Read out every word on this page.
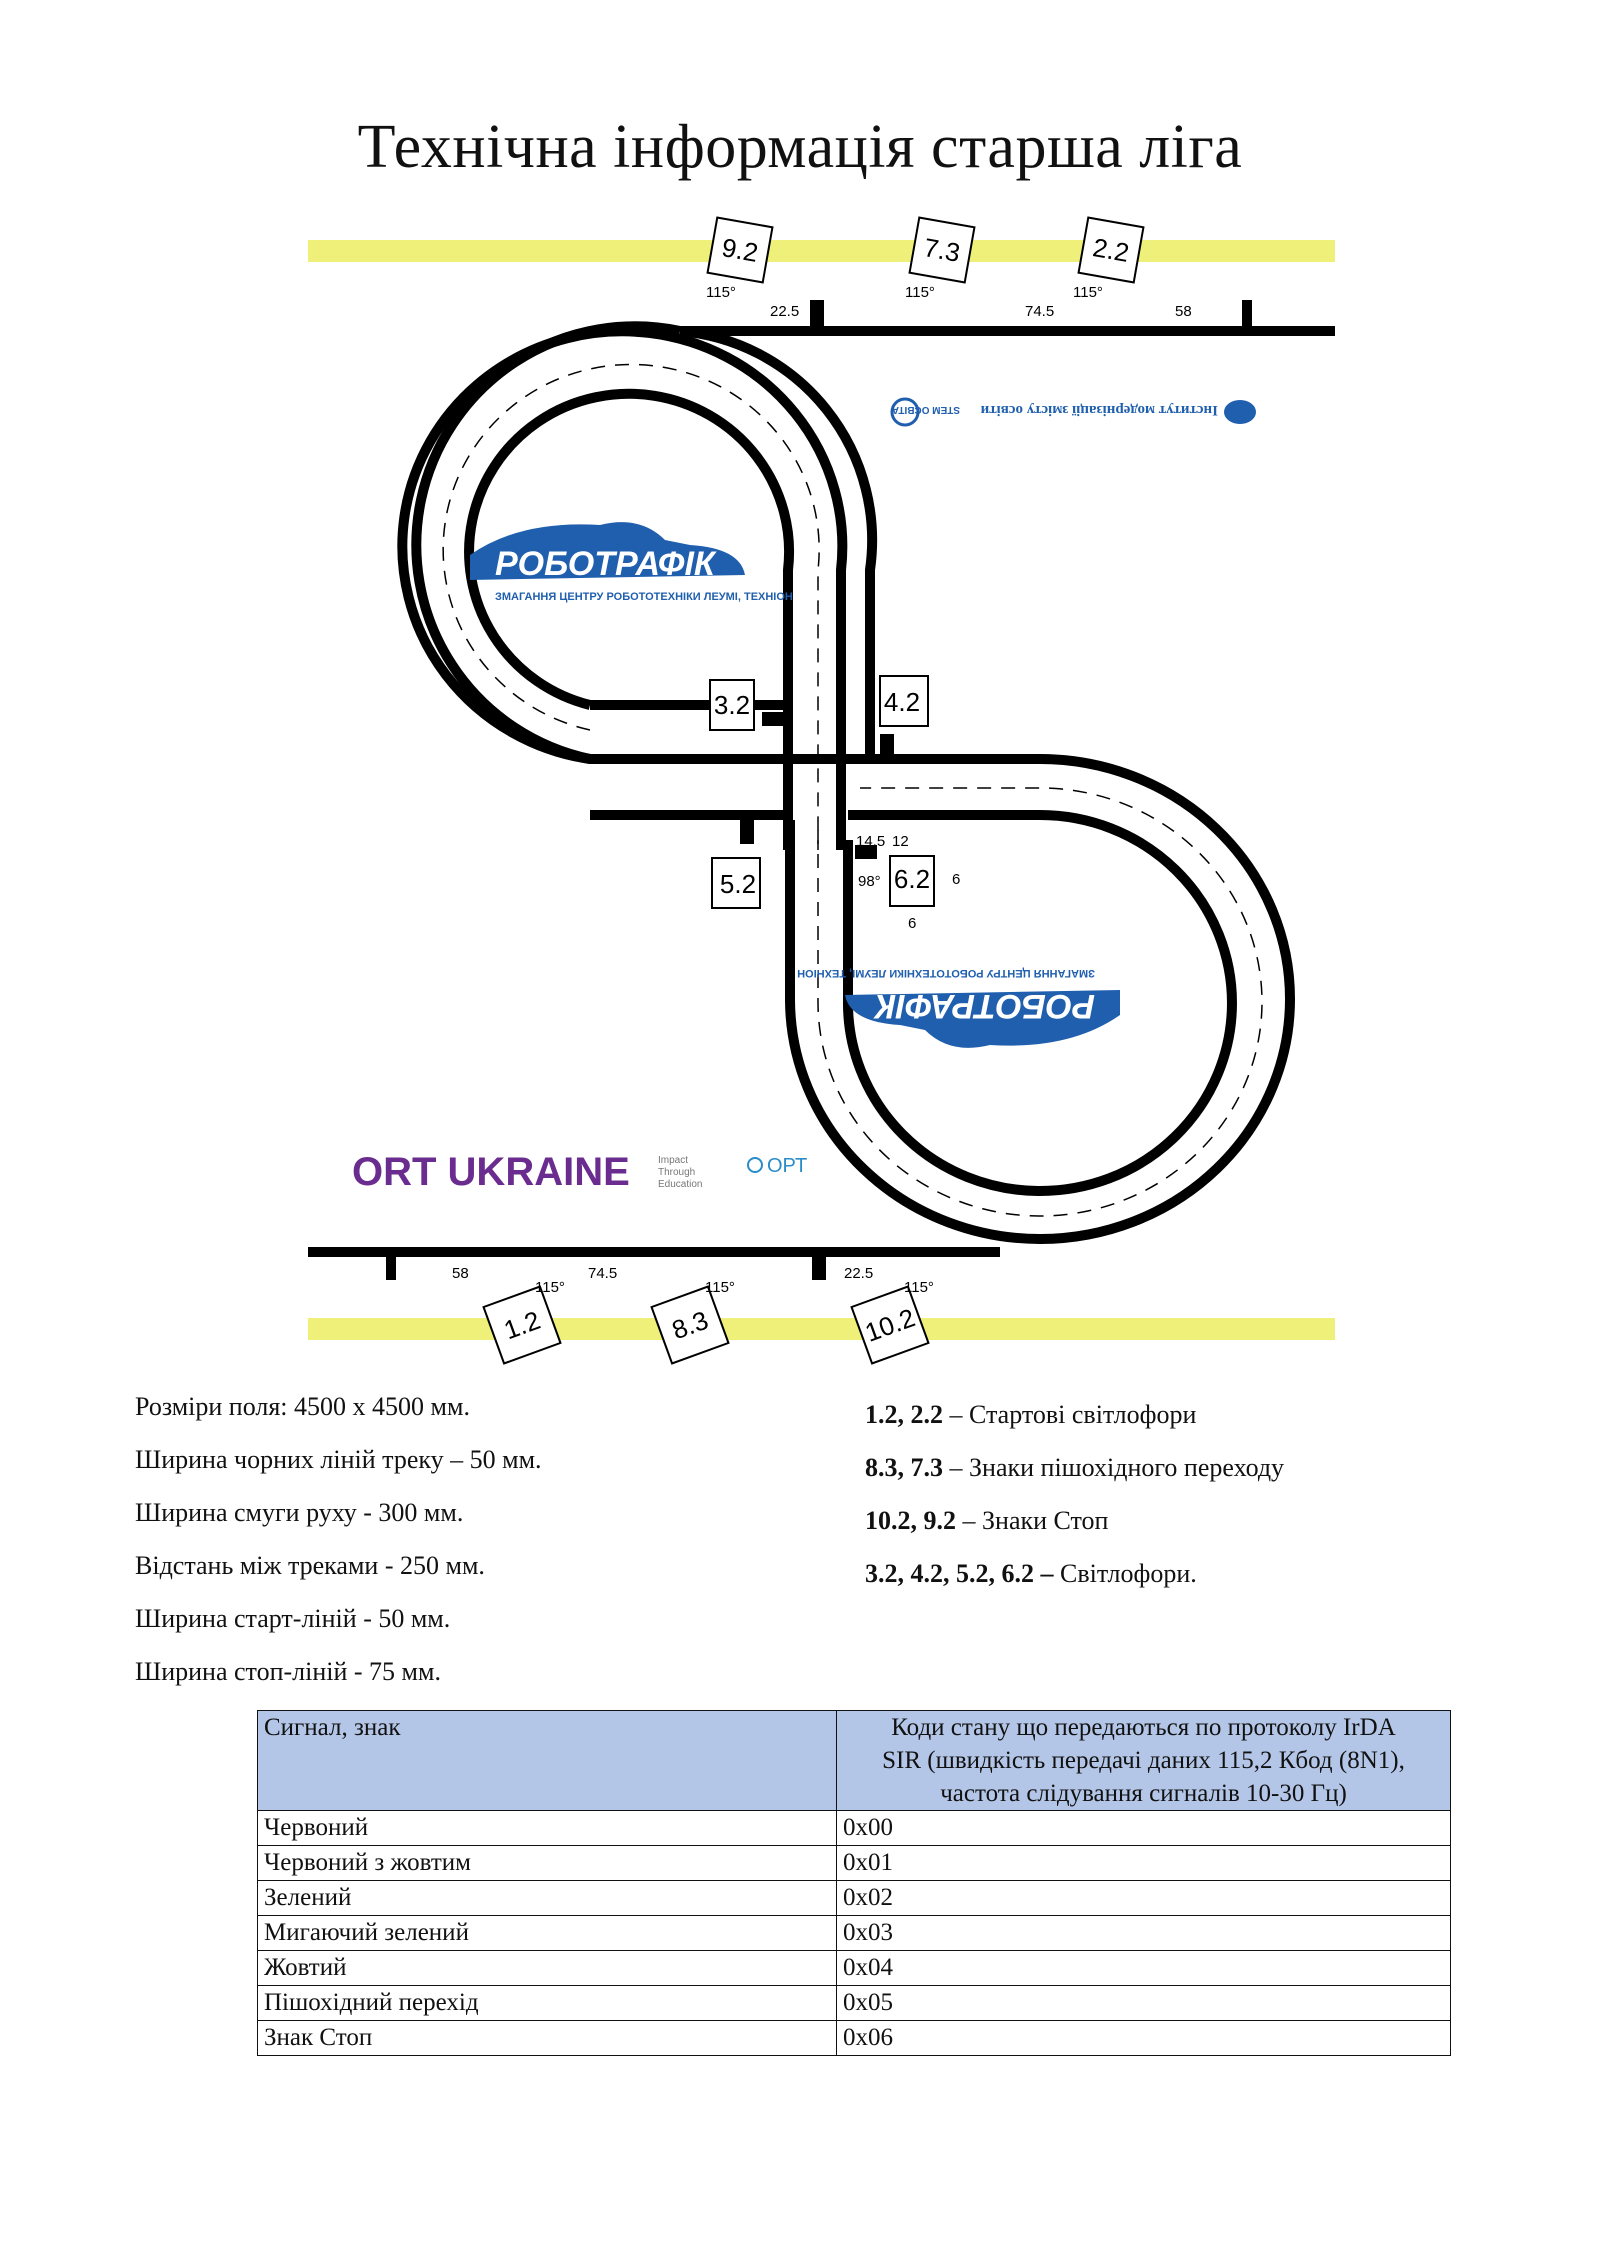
Технічна інформація старша ліга
9.2	7.3	2.2
1.2	8.3	10.2
3.2	4.2
5.2	6.2
115°
22.5
115°
74.5
115°
58
58	74.5
115°	115°
22.5
115°
14.5 12
98°	6
6
РОБОТРАФІК
ЗМАГАННЯ ЦЕНТРУ РОБОТОТЕХНІКИ ЛЕУМІ, ТЕХНІОН
РОБОТРАФІК
ЗМАГАННЯ ЦЕНТРУ РОБОТОТЕХНІКИ ЛЕУМІ, ТЕХНІОН
ORT UKRAINE	Impact
Through
Education
ОРТ
Інститут модернізації змісту освіти
STEM ОСВІТА
Розміри поля: 4500 х 4500 мм.
Ширина чорних ліній треку – 50 мм.
Ширина смуги руху - 300 мм.
Відстань між треками - 250 мм.
Ширина старт-ліній - 50 мм.
Ширина стоп-ліній - 75 мм.
1.2, 2.2 – Стартові світлофори
8.3, 7.3 – Знаки пішохідного переходу
10.2, 9.2 – Знаки Стоп
3.2, 4.2, 5.2, 6.2 – Світлофори.
Сигнал, знак	Коди стану що передаються по протоколу IrDA
SIR (швидкість передачі даних 115,2 Кбод (8N1), частота слідування сигналів 10-30 Гц)

Червоний	0x00
Червоний з жовтим	0x01
Зелений	0x02
Мигаючий зелений	0x03
Жовтий	0x04
Пішохідний перехід	0x05
Знак Стоп	0x06
